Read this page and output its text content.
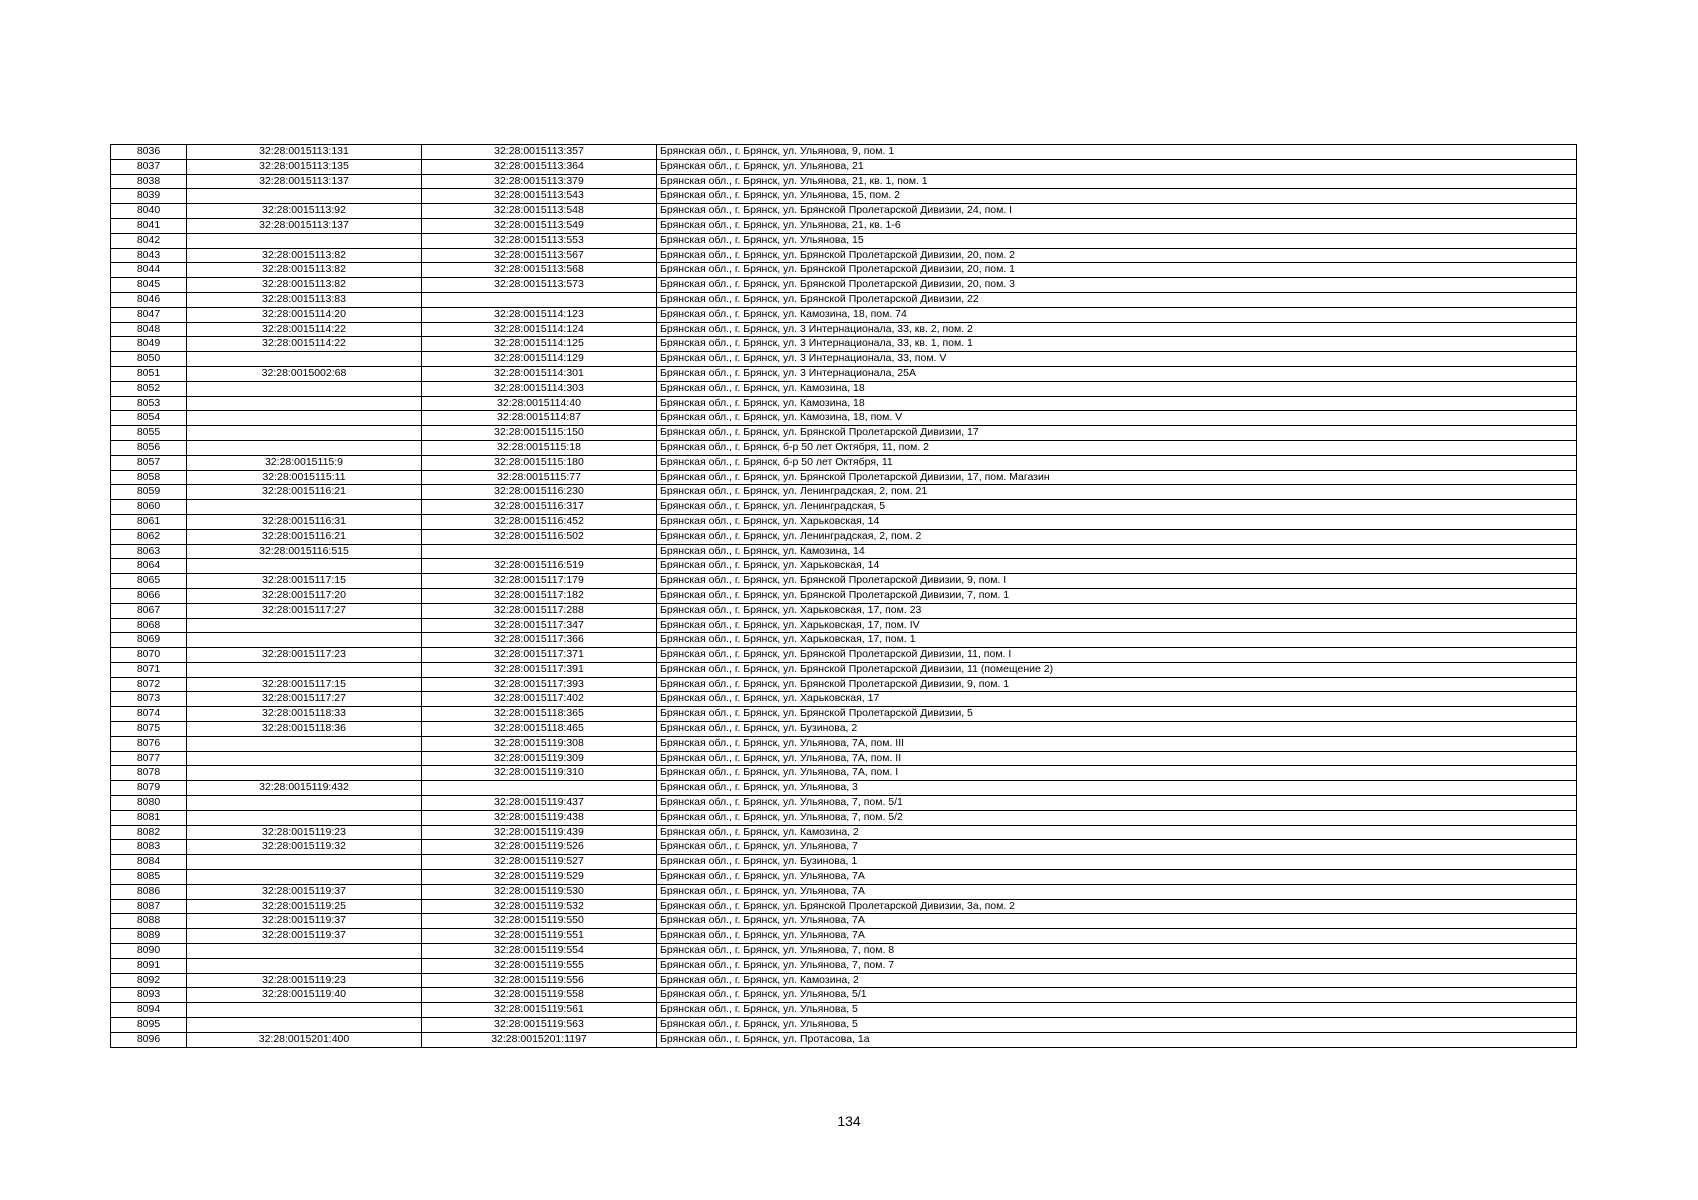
8036	32:28:0015113:131	32:28:0015113:357	Брянская обл., г. Брянск, ул. Ульянова, 9, пом. 1
8037	32:28:0015113:135	32:28:0015113:364	Брянская обл., г. Брянск, ул. Ульянова, 21
8038	32:28:0015113:137	32:28:0015113:379	Брянская обл., г. Брянск, ул. Ульянова, 21, кв. 1, пом. 1
8039		32:28:0015113:543	Брянская обл., г. Брянск, ул. Ульянова, 15, пом. 2
8040	32:28:0015113:92	32:28:0015113:548	Брянская обл., г. Брянск, ул. Брянской Пролетарской Дивизии, 24, пом. I
8041	32:28:0015113:137	32:28:0015113:549	Брянская обл., г. Брянск, ул. Ульянова, 21, кв. 1-6
8042		32:28:0015113:553	Брянская обл., г. Брянск, ул. Ульянова, 15
8043	32:28:0015113:82	32:28:0015113:567	Брянская обл., г. Брянск, ул. Брянской Пролетарской Дивизии, 20, пом. 2
8044	32:28:0015113:82	32:28:0015113:568	Брянская обл., г. Брянск, ул. Брянской Пролетарской Дивизии, 20, пом. 1
8045	32:28:0015113:82	32:28:0015113:573	Брянская обл., г. Брянск, ул. Брянской Пролетарской Дивизии, 20, пом. 3
8046	32:28:0015113:83		Брянская обл., г. Брянск, ул. Брянской Пролетарской Дивизии, 22
8047	32:28:0015114:20	32:28:0015114:123	Брянская обл., г. Брянск, ул. Камозина, 18, пом. 74
8048	32:28:0015114:22	32:28:0015114:124	Брянская обл., г. Брянск, ул. 3 Интернационала, 33, кв. 2, пом. 2
8049	32:28:0015114:22	32:28:0015114:125	Брянская обл., г. Брянск, ул. 3 Интернационала, 33, кв. 1, пом. 1
8050		32:28:0015114:129	Брянская обл., г. Брянск, ул. 3 Интернационала, 33, пом. V
8051	32:28:0015002:68	32:28:0015114:301	Брянская обл., г. Брянск, ул. 3 Интернационала, 25А
8052		32:28:0015114:303	Брянская обл., г. Брянск, ул. Камозина, 18
8053		32:28:0015114:40	Брянская обл., г. Брянск, ул. Камозина, 18
8054		32:28:0015114:87	Брянская обл., г. Брянск, ул. Камозина, 18, пом. V
8055		32:28:0015115:150	Брянская обл., г. Брянск, ул. Брянской Пролетарской Дивизии, 17
8056		32:28:0015115:18	Брянская обл., г. Брянск, б-р 50 лет Октября, 11, пом. 2
8057	32:28:0015115:9	32:28:0015115:180	Брянская обл., г. Брянск, б-р 50 лет Октября, 11
8058	32:28:0015115:11	32:28:0015115:77	Брянская обл., г. Брянск, ул. Брянской Пролетарской Дивизии, 17, пом. Магазин
8059	32:28:0015116:21	32:28:0015116:230	Брянская обл., г. Брянск, ул. Ленинградская, 2, пом. 21
8060		32:28:0015116:317	Брянская обл., г. Брянск, ул. Ленинградская, 5
8061	32:28:0015116:31	32:28:0015116:452	Брянская обл., г. Брянск, ул. Харьковская, 14
8062	32:28:0015116:21	32:28:0015116:502	Брянская обл., г. Брянск, ул. Ленинградская, 2, пом. 2
8063	32:28:0015116:515		Брянская обл., г. Брянск, ул. Камозина, 14
8064		32:28:0015116:519	Брянская обл., г. Брянск, ул. Харьковская, 14
8065	32:28:0015117:15	32:28:0015117:179	Брянская обл., г. Брянск, ул. Брянской Пролетарской Дивизии, 9, пом. I
8066	32:28:0015117:20	32:28:0015117:182	Брянская обл., г. Брянск, ул. Брянской Пролетарской Дивизии, 7, пом. 1
8067	32:28:0015117:27	32:28:0015117:288	Брянская обл., г. Брянск, ул. Харьковская, 17, пом. 23
8068		32:28:0015117:347	Брянская обл., г. Брянск, ул. Харьковская, 17, пом. IV
8069		32:28:0015117:366	Брянская обл., г. Брянск, ул. Харьковская, 17, пом. 1
8070	32:28:0015117:23	32:28:0015117:371	Брянская обл., г. Брянск, ул. Брянской Пролетарской Дивизии, 11, пом. I
8071		32:28:0015117:391	Брянская обл., г. Брянск, ул. Брянской Пролетарской Дивизии, 11 (помещение 2)
8072	32:28:0015117:15	32:28:0015117:393	Брянская обл., г. Брянск, ул. Брянской Пролетарской Дивизии, 9, пом. 1
8073	32:28:0015117:27	32:28:0015117:402	Брянская обл., г. Брянск, ул. Харьковская, 17
8074	32:28:0015118:33	32:28:0015118:365	Брянская обл., г. Брянск, ул. Брянской Пролетарской Дивизии, 5
8075	32:28:0015118:36	32:28:0015118:465	Брянская обл., г. Брянск, ул. Бузинова, 2
8076		32:28:0015119:308	Брянская обл., г. Брянск, ул. Ульянова, 7А, пом. III
8077		32:28:0015119:309	Брянская обл., г. Брянск, ул. Ульянова, 7А, пом. II
8078		32:28:0015119:310	Брянская обл., г. Брянск, ул. Ульянова, 7А, пом. I
8079	32:28:0015119:432		Брянская обл., г. Брянск, ул. Ульянова, 3
8080		32:28:0015119:437	Брянская обл., г. Брянск, ул. Ульянова, 7, пом. 5/1
8081		32:28:0015119:438	Брянская обл., г. Брянск, ул. Ульянова, 7, пом. 5/2
8082	32:28:0015119:23	32:28:0015119:439	Брянская обл., г. Брянск, ул. Камозина, 2
8083	32:28:0015119:32	32:28:0015119:526	Брянская обл., г. Брянск, ул. Ульянова, 7
8084		32:28:0015119:527	Брянская обл., г. Брянск, ул. Бузинова, 1
8085		32:28:0015119:529	Брянская обл., г. Брянск, ул. Ульянова, 7А
8086	32:28:0015119:37	32:28:0015119:530	Брянская обл., г. Брянск, ул. Ульянова, 7А
8087	32:28:0015119:25	32:28:0015119:532	Брянская обл., г. Брянск, ул. Брянской Пролетарской Дивизии, 3а, пом. 2
8088	32:28:0015119:37	32:28:0015119:550	Брянская обл., г. Брянск, ул. Ульянова, 7А
8089	32:28:0015119:37	32:28:0015119:551	Брянская обл., г. Брянск, ул. Ульянова, 7А
8090		32:28:0015119:554	Брянская обл., г. Брянск, ул. Ульянова, 7, пом. 8
8091		32:28:0015119:555	Брянская обл., г. Брянск, ул. Ульянова, 7, пом. 7
8092	32:28:0015119:23	32:28:0015119:556	Брянская обл., г. Брянск, ул. Камозина, 2
8093	32:28:0015119:40	32:28:0015119:558	Брянская обл., г. Брянск, ул. Ульянова, 5/1
8094		32:28:0015119:561	Брянская обл., г. Брянск, ул. Ульянова, 5
8095		32:28:0015119:563	Брянская обл., г. Брянск, ул. Ульянова, 5
8096	32:28:0015201:400	32:28:0015201:1197	Брянская обл., г. Брянск, ул. Протасова, 1а
134
